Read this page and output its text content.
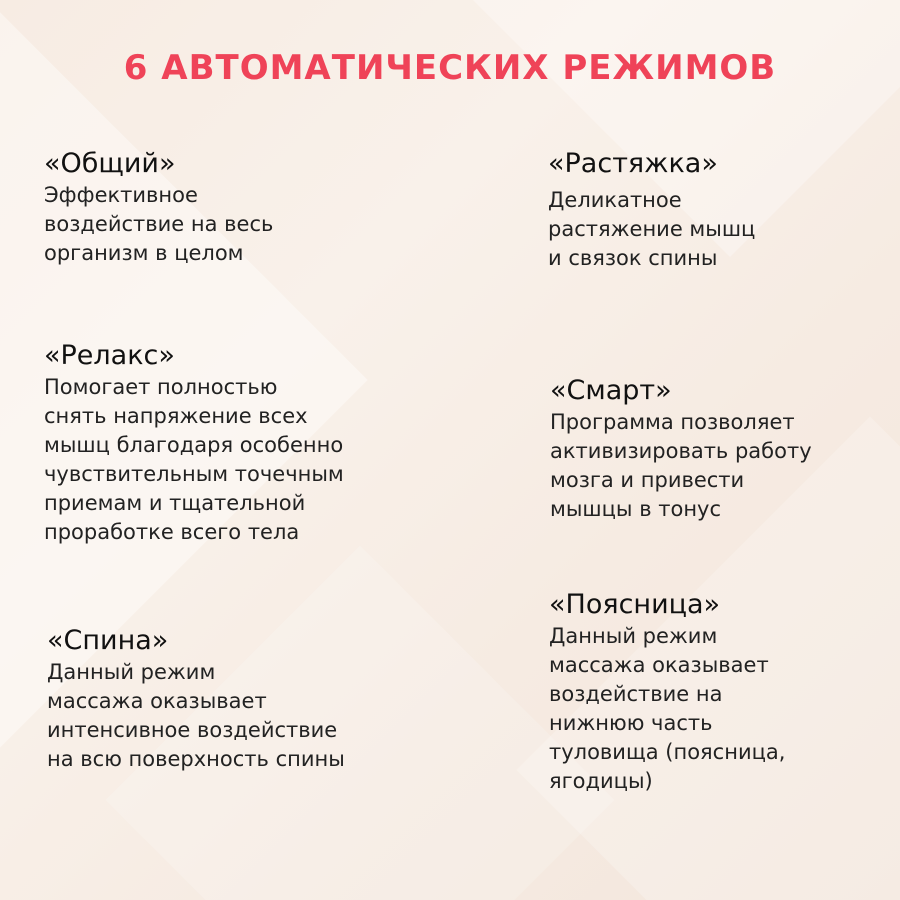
6 АВТОМАТИЧЕСКИХ РЕЖИМОВ
«Общий»
Эффективное
воздействие на весь
организм в целом
«Растяжка»
Деликатное
растяжение мышц
и связок спины
«Релакс»
Помогает полностью
снять напряжение всех
мышц благодаря особенно
чувствительным точечным
приемам и тщательной
проработке всего тела
«Смарт»
Программа позволяет
активизировать работу
мозга и привести
мышцы в тонус
«Спина»
Данный режим
массажа оказывает
интенсивное воздействие
на всю поверхность спины
«Поясница»
Данный режим
массажа оказывает
воздействие на
нижнюю часть
туловища (поясница,
ягодицы)
